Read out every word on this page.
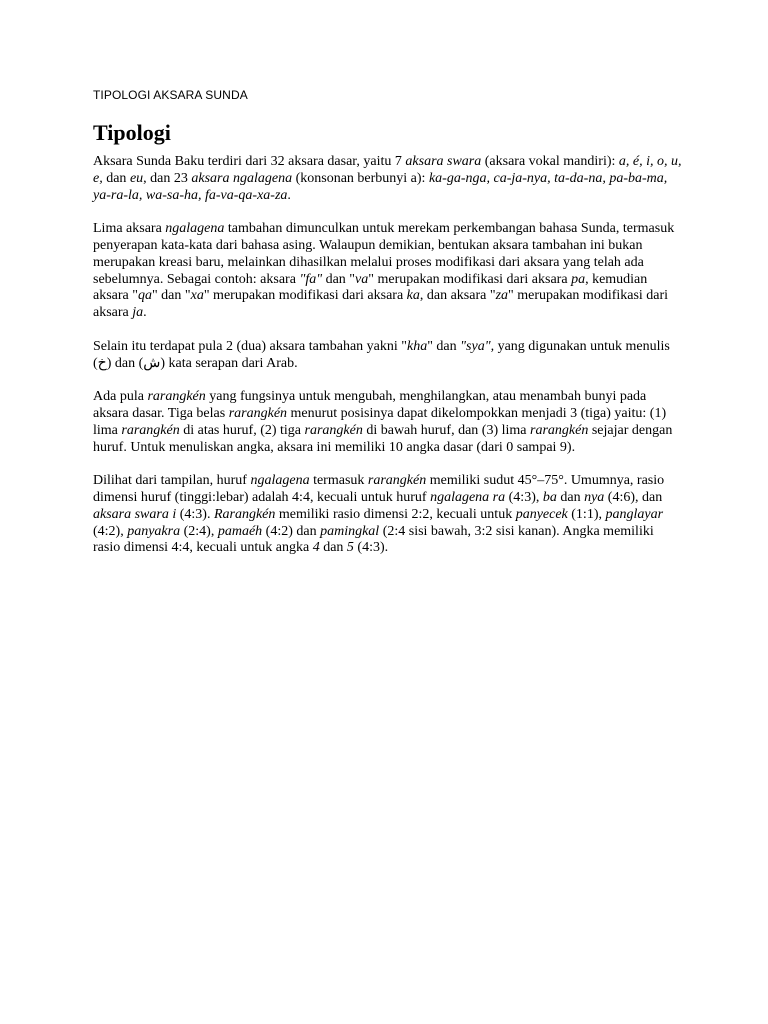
TIPOLOGI AKSARA SUNDA
Tipologi

Aksara Sunda Baku terdiri dari 32 aksara dasar, yaitu 7 aksara swara (aksara vokal mandiri): a, é, i, o, u, e, dan eu, dan 23 aksara ngalagena (konsonan berbunyi a): ka-ga-nga, ca-ja-nya, ta-da-na, pa-ba-ma, ya-ra-la, wa-sa-ha, fa-va-qa-xa-za.

Lima aksara ngalagena tambahan dimunculkan untuk merekam perkembangan bahasa Sunda, termasuk penyerapan kata-kata dari bahasa asing. Walaupun demikian, bentukan aksara tambahan ini bukan merupakan kreasi baru, melainkan dihasilkan melalui proses modifikasi dari aksara yang telah ada sebelumnya. Sebagai contoh: aksara "fa" dan "va" merupakan modifikasi dari aksara pa, kemudian aksara "qa" dan "xa" merupakan modifikasi dari aksara ka, dan aksara "za" merupakan modifikasi dari aksara ja.

Selain itu terdapat pula 2 (dua) aksara tambahan yakni "kha" dan "sya", yang digunakan untuk menulis (خ) dan (ش) kata serapan dari Arab.

Ada pula rarangkén yang fungsinya untuk mengubah, menghilangkan, atau menambah bunyi pada aksara dasar. Tiga belas rarangkén menurut posisinya dapat dikelompokkan menjadi 3 (tiga) yaitu: (1) lima rarangkén di atas huruf, (2) tiga rarangkén di bawah huruf, dan (3) lima rarangkén sejajar dengan huruf. Untuk menuliskan angka, aksara ini memiliki 10 angka dasar (dari 0 sampai 9).

Dilihat dari tampilan, huruf ngalagena termasuk rarangkén memiliki sudut 45°–75°. Umumnya, rasio dimensi huruf (tinggi:lebar) adalah 4:4, kecuali untuk huruf ngalagena ra (4:3), ba dan nya (4:6), dan aksara swara i (4:3). Rarangkén memiliki rasio dimensi 2:2, kecuali untuk panyecek (1:1), panglayar (4:2), panyakra (2:4), pamaéh (4:2) dan pamingkal (2:4 sisi bawah, 3:2 sisi kanan). Angka memiliki rasio dimensi 4:4, kecuali untuk angka 4 dan 5 (4:3).
